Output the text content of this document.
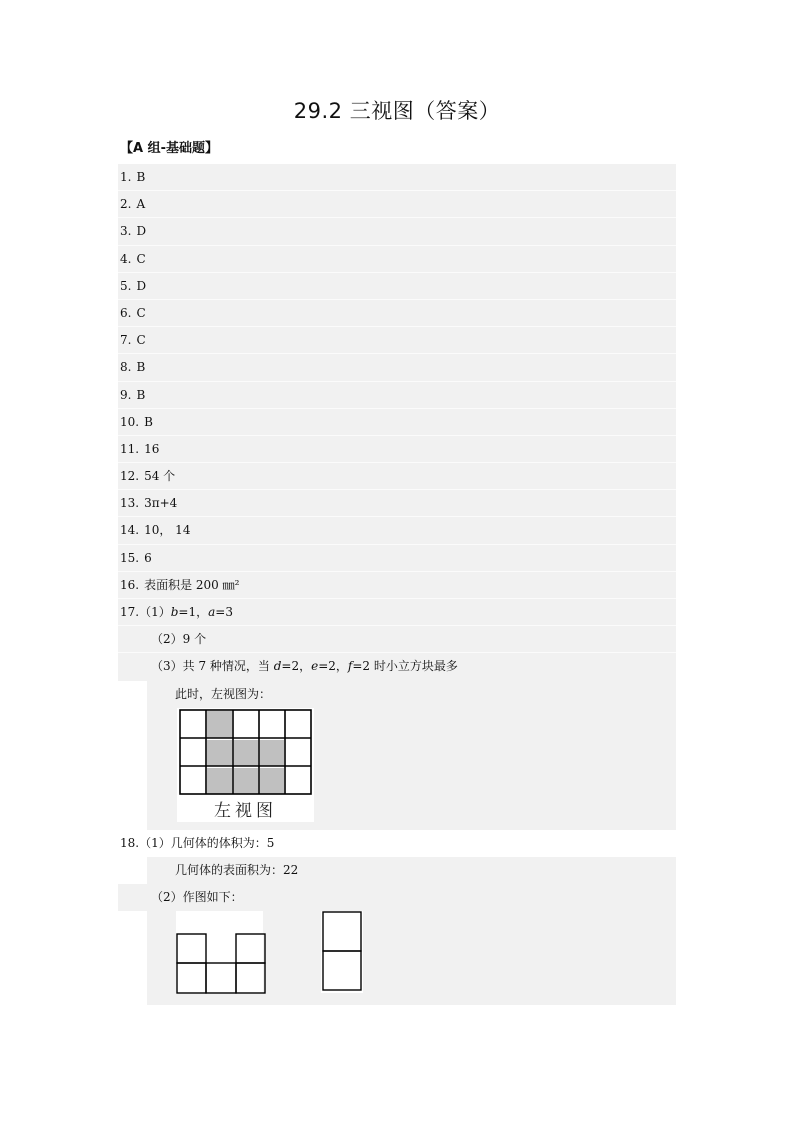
29.2 三视图（答案）
【A 组-基础题】
1. B
2. A
3. D
4. C
5. D
6. C
7. C
8. B
9. B
10. B
11. 16
12. 54 个
13. 3π+4
14. 10， 14
15. 6
16. 表面积是 200 ㎜²
17.（1）b=1，a=3
（2）9 个
（3）共 7 种情况，当 d=2，e=2，f=2 时小立方块最多
此时，左视图为：
左视图
18.（1）几何体的体积为：5
几何体的表面积为：22
（2）作图如下：
